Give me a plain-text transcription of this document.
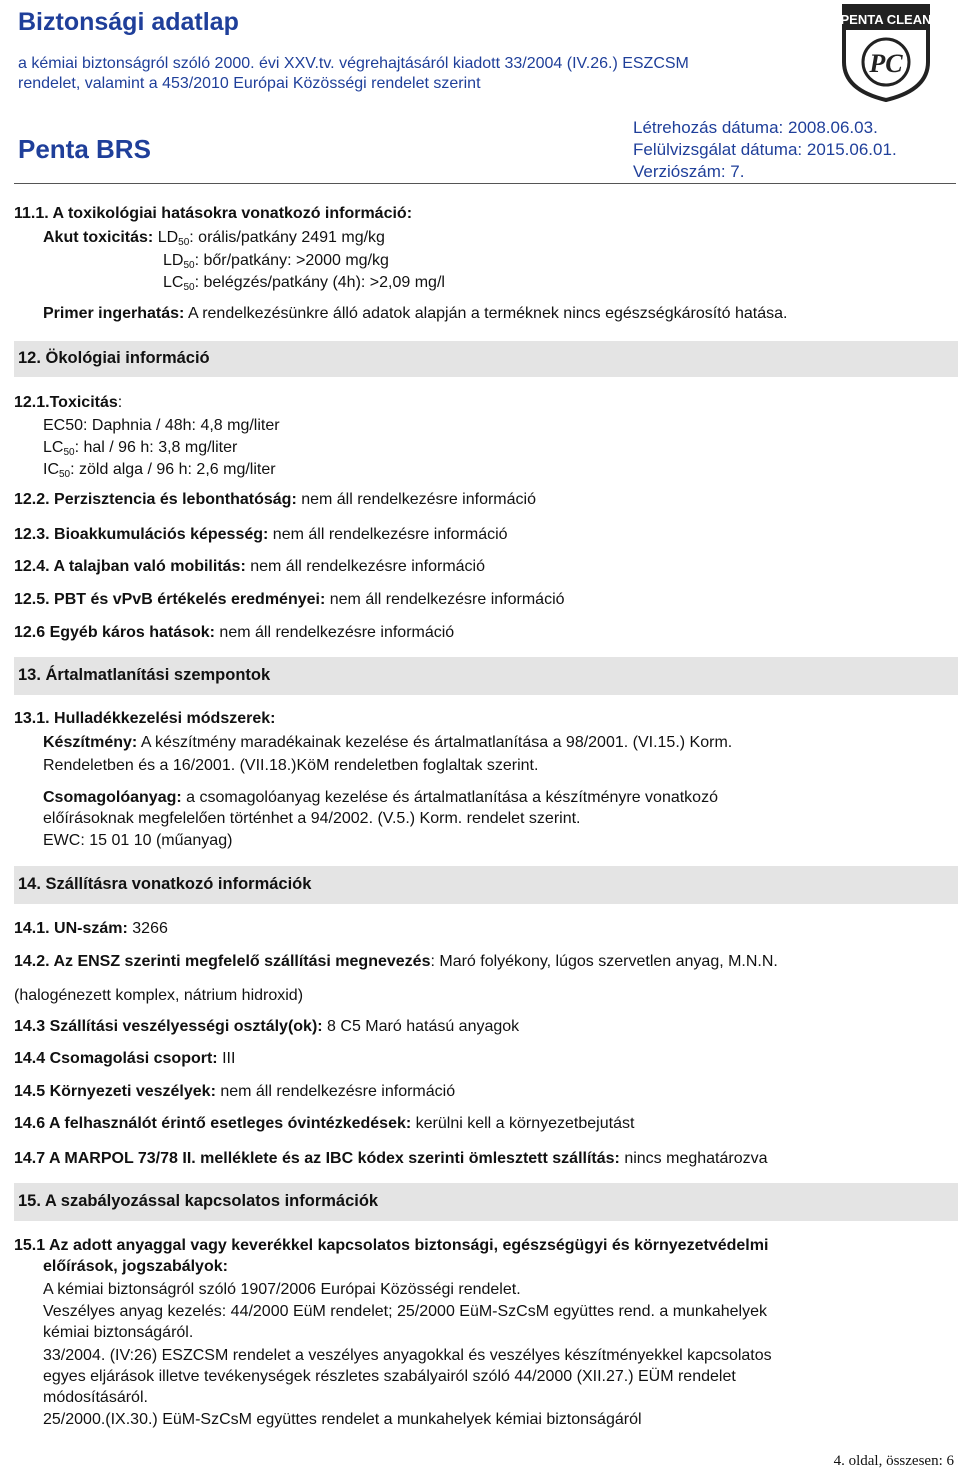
Biztonsági adatlap
a kémiai biztonságról szóló 2000. évi XXV.tv. végrehajtásáról kiadott 33/2004 (IV.26.) ESZCSM
rendelet, valamint a 453/2010 Európai Közösségi rendelet szerint
PENTA CLEAN
PC
Penta BRS
Létrehozás dátuma: 2008.06.03.
Felülvizsgálat dátuma: 2015.06.01.
Verziószám: 7.
11.1. A toxikológiai hatásokra vonatkozó információ:
Akut toxicitás: $LD_{50}$: orális/patkány 2491 mg/kg
$LD_{50}$: bőr/patkány: >2000 mg/kg
$LC_{50}$: belégzés/patkány (4h): >2,09 mg/l
Primer ingerhatás: A rendelkezésünkre álló adatok alapján a terméknek nincs egészségkárosító hatása.
12. Ökológiai információ
12.1.Toxicitás:
EC50: Daphnia / 48h: 4,8 mg/liter
$LC_{50}$: hal / 96 h: 3,8 mg/liter
$IC_{50}$: zöld alga / 96 h: 2,6 mg/liter
12.2. Perzisztencia és lebonthatóság: nem áll rendelkezésre információ
12.3. Bioakkumulációs képesség: nem áll rendelkezésre információ
12.4. A talajban való mobilitás: nem áll rendelkezésre információ
12.5. PBT és vPvB értékelés eredményei: nem áll rendelkezésre információ
12.6 Egyéb káros hatások: nem áll rendelkezésre információ
13. Ártalmatlanítási szempontok
13.1. Hulladékkezelési módszerek:
Készítmény: A készítmény maradékainak kezelése és ártalmatlanítása a 98/2001. (VI.15.) Korm.
Rendeletben és a 16/2001. (VII.18.)KöM rendeletben foglaltak szerint.
Csomagolóanyag: a csomagolóanyag kezelése és ártalmatlanítása a készítményre vonatkozó
előírásoknak megfelelően történhet a 94/2002. (V.5.) Korm. rendelet szerint.
EWC: 15 01 10 (műanyag)
14. Szállításra vonatkozó információk
14.1. UN-szám: 3266
14.2. Az ENSZ szerinti megfelelő szállítási megnevezés: Maró folyékony, lúgos szervetlen anyag, M.N.N.
(halogénezett komplex, nátrium hidroxid)
14.3 Szállítási veszélyességi osztály(ok): 8 C5 Maró hatású anyagok
14.4 Csomagolási csoport: III
14.5 Környezeti veszélyek: nem áll rendelkezésre információ
14.6 A felhasználót érintő esetleges óvintézkedések: kerülni kell a környezetbejutást
14.7 A MARPOL 73/78 II. melléklete és az IBC kódex szerinti ömlesztett szállítás: nincs meghatározva
15. A szabályozással kapcsolatos információk
15.1 Az adott anyaggal vagy keverékkel kapcsolatos biztonsági, egészségügyi és környezetvédelmi
előírások, jogszabályok:
A kémiai biztonságról szóló 1907/2006 Európai Közösségi rendelet.
Veszélyes anyag kezelés: 44/2000 EüM rendelet; 25/2000 EüM-SzCsM együttes rend. a munkahelyek
kémiai biztonságáról.
33/2004. (IV:26) ESZCSM rendelet a veszélyes anyagokkal és veszélyes készítményekkel kapcsolatos
egyes eljárások illetve tevékenységek részletes szabályairól szóló 44/2000 (XII.27.) EÜM rendelet
módosításáról.
25/2000.(IX.30.) EüM-SzCsM együttes rendelet a munkahelyek kémiai biztonságáról
4. oldal, összesen: 6
